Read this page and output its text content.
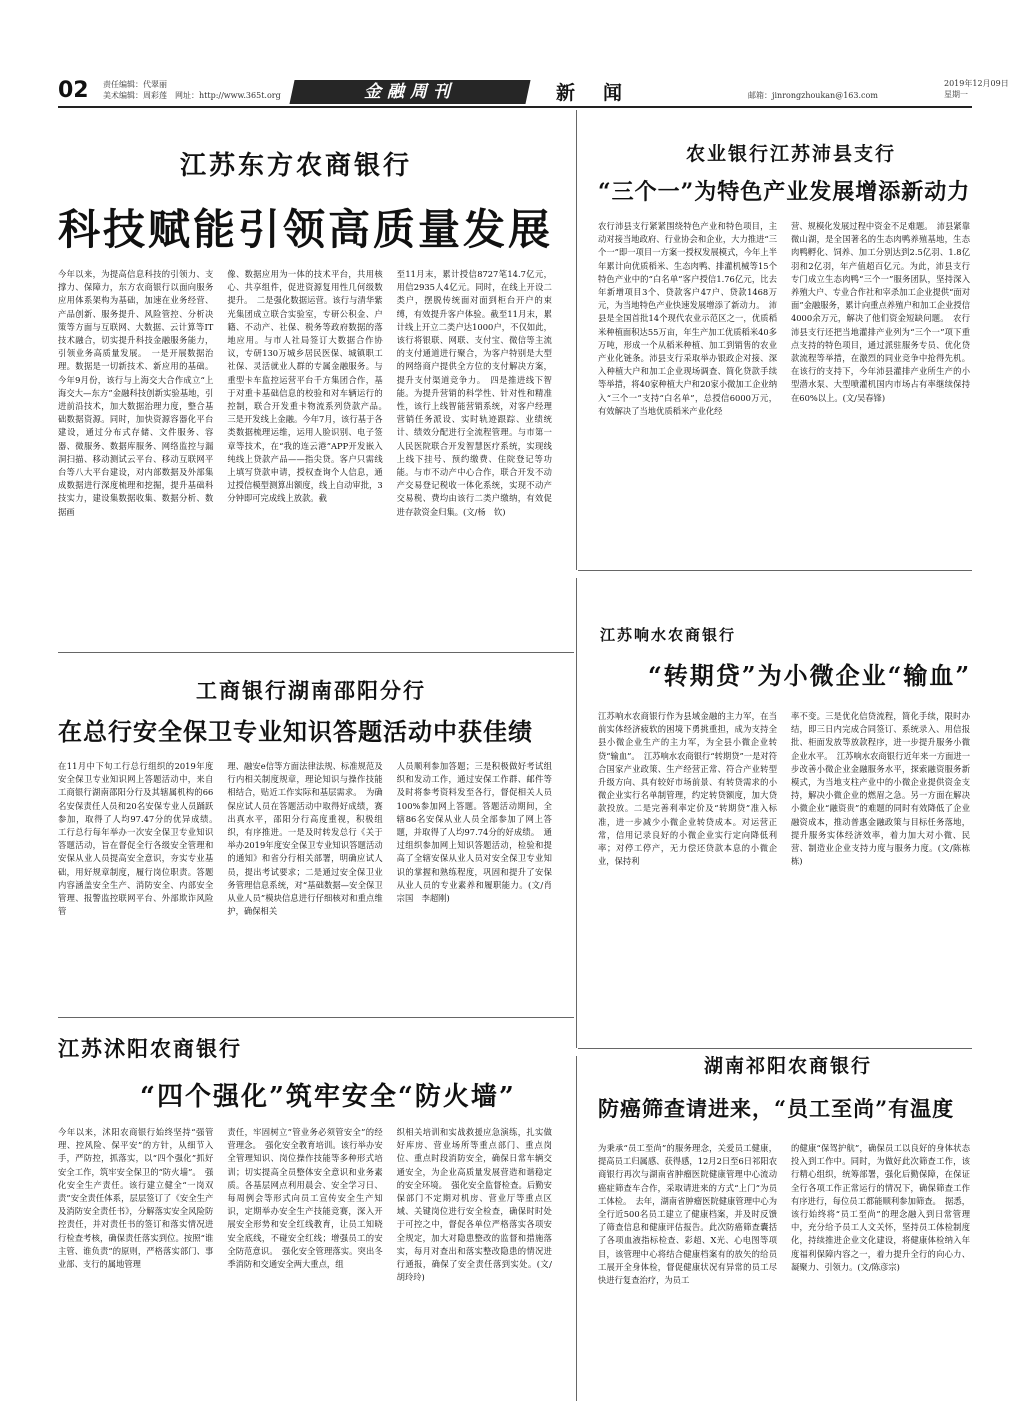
02 责任编辑：代翠丽
美术编辑：周彩莲 网址：http://www.365t.org	金融周刊	新闻	邮箱：jinrongzhoukan@163.com
2019年12月09日
星期一
江苏东方农商银行
科技赋能引领高质量发展

今年以来，为提高信息科技的引领力、支撑力、保障力，东方农商银行以面向服务应用体系架构为基础，加速在业务经营、产品创新、服务提升、风险管控、分析决策等方面与互联网、大数据、云计算等IT技术融合，切实提升科技金融服务能力，引领业务高质量发展。　一是开展数据治理。数据是一切新技术、新应用的基础。今年9月份，该行与上海交大合作成立“上海交大—东方”金融科技创新实验基地，引进前沿技术，加大数据治理力度，整合基础数据资源。同时，加快资源容器化平台建设，通过分布式存储、文件服务、容器、微服务、数据库服务、网络监控与漏洞扫描、移动测试云平台、移动互联网平台等八大平台建设，对内部数据及外部集成数据进行深度梳理和挖掘，提升基础科技实力，建设集数据收集、数据分析、数据画

像、数据应用为一体的技术平台，共用核心、共享组件，促进资源复用性几何级数提升。　二是强化数据运营。该行与清华紫光集团成立联合实验室，专研公积金、户籍、不动产、社保、税务等政府数据的落地应用。与市人社局签订大数据合作协议，专研130万城乡居民医保、城镇职工社保、灵活就业人群的专属金融服务。与重型卡车监控运营平台千方集团合作，基于对重卡基础信息的校验和对车辆运行的控制，联合开发重卡物流系列贷款产品。　三是开发线上金融。今年7月，该行基于各类数据梳理运维，运用人脸识别、电子签章等技术，在“我的连云港”APP开发嵌入纯线上贷款产品——指尖贷。客户只需线上填写贷款申请，授权查询个人信息，通过授信模型测算出额度，线上自动审批，3分钟即可完成线上放款。截

至11月末，累计授信8727笔14.7亿元，用信2935人4亿元。同时，在线上开设二类户，摆脱传统面对面到柜台开户的束缚，有效提升客户体验。截至11月末，累计线上开立二类户达1000户，不仅如此，该行将银联、网联、支付宝、微信等主流的支付通道进行聚合，为客户特别是大型的网络商户提供全方位的支付解决方案，提升支付渠道竞争力。　四是推进线下智能。为提升营销的科学性、针对性和精准性，该行上线智能营销系统，对客户经理营销任务派设、实时轨迹跟踪、业绩统计、绩效分配进行全流程管理。与市第一人民医院联合开发智慧医疗系统，实现线上线下挂号、预约缴费、住院登记等功能。与市不动产中心合作，联合开发不动产交易登记税收一体化系统，实现不动产交易税、费均由该行二类户缴纳，有效促进存款资金归集。(文/杨　钦)

农业银行江苏沛县支行
“三个一”为特色产业发展增添新动力

农行沛县支行紧紧围绕特色产业和特色项目，主动对接当地政府、行业协会和企业，大力推进“三个一”即一项目一方案一授权发展模式，今年上半年累计向优质稻米、生态肉鸭、排灌机械等15个特色产业中的“白名单”客户授信1.76亿元，比去年新增项目3个、贷款客户47户、贷款1468万元，为当地特色产业快速发展增添了新动力。　沛县是全国首批14个现代农业示范区之一，优质稻米种植面积达55万亩，年生产加工优质稻米40多万吨，形成一个从稻米种植、加工到销售的农业产业化链条。沛县支行采取举办银政企对接、深入种植大户和加工企业现场调查、简化贷款手续等举措，将40家种植大户和20家小微加工企业纳入“三个一”支持“白名单”，总授信6000万元，有效解决了当地优质稻米产业化经

营、规模化发展过程中资金不足难题。　沛县紧靠微山湖，是全国著名的生态肉鸭养殖基地，生态肉鸭孵化、饲养、加工分别达到2.5亿羽、1.8亿羽和2亿羽，年产值超百亿元。为此，沛县支行专门成立生态肉鸭“三个一”服务团队，坚持深入养殖大户、专业合作社和宰杀加工企业提供“面对面”金融服务，累计向重点养殖户和加工企业授信4000余万元，解决了他们资金短缺问题。　农行沛县支行还把当地灌排产业列为“三个一”项下重点支持的特色项目，通过派驻服务专员、优化贷款流程等举措，在激烈的同业竞争中抢得先机。在该行的支持下，今年沛县灌排产业所生产的小型潜水泵、大型喷灌机国内市场占有率继续保持在60%以上。(文/吴春锋)

工商银行湖南邵阳分行
在总行安全保卫专业知识答题活动中获佳绩

在11月中下旬工行总行组织的2019年度安全保卫专业知识网上答题活动中，来自工商银行湖南邵阳分行及其辖属机构的66名安保责任人员和20名安保专业人员踊跃参加，取得了人均97.47分的优异成绩。　工行总行每年举办一次安全保卫专业知识答题活动，旨在督促全行各级安全管理和安保从业人员提高安全意识，夯实专业基础，用好规章制度，履行岗位职责。答题内容涵盖安全生产、消防安全、内部安全管理、报警监控联网平台、外部欺诈风险管

理、融安e信等方面法律法规、标准规范及行内相关制度规章，理论知识与操作技能相结合，贴近工作实际和基层需求。　为确保应试人员在答题活动中取得好成绩，赛出真水平，邵阳分行高度重视，积极组织，有序推进。一是及时转发总行《关于举办2019年度安全保卫专业知识答题活动的通知》和省分行相关部署，明确应试人员，提出考试要求；二是通过安全保卫业务管理信息系统，对“基础数据—安全保卫从业人员”模块信息进行仔细核对和重点维护，确保相关

人员顺利参加答题；三是积极做好考试组织和发动工作，通过安保工作群、邮件等及时将参考资料发至各行，督促相关人员100%参加网上答题。答题活动期间，全辖86名安保从业人员全部参加了网上答题，并取得了人均97.74分的好成绩。　通过组织参加网上知识答题活动，检验和提高了全辖安保从业人员对安全保卫专业知识的掌握和熟练程度，巩固和提升了安保从业人员的专业素养和履职能力。(文/肖宗国　李超刚)

江苏响水农商银行
“转期贷”为小微企业“输血”

江苏响水农商银行作为县域金融的主力军，在当前实体经济疲软的困境下勇挑重担，成为支持全县小微企业生产的主力军，为全县小微企业转贷“输血”。　江苏响水农商银行“转期贷”一是对符合国家产业政策、生产经营正常、符合产业转型升级方向、具有较好市场前景、有转贷需求的小微企业实行名单制管理，约定转贷额度，加大贷款投放。二是完善利率定价及“转期贷”准入标准，进一步减少小微企业转贷成本。对运营正常，信用记录良好的小微企业实行定向降低利率；对停工停产，无力偿还贷款本息的小微企业，保持利

率不变。三是优化信贷流程，简化手续，限时办结，即三日内完成合同签订、系统录入、用信报批、柜面发放等放款程序，进一步提升服务小微企业水平。　江苏响水农商银行近年来一方面进一步改善小微企业金融服务水平，探索融资服务新模式，为当地支柱产业中的小微企业提供资金支持，解决小微企业的燃眉之急。另一方面在解决小微企业“融资贵”的难题的同时有效降低了企业融资成本，推动普惠金融政策与目标任务落地，提升服务实体经济效率，着力加大对小微、民营、制造业企业支持力度与服务力度。(文/陈栋栋)

江苏沭阳农商银行
“四个强化”筑牢安全“防火墙”

今年以来，沭阳农商银行始终坚持“强管理、控风险、保平安”的方针，从细节入手，严防控，抓落实，以“四个强化”抓好安全工作，筑牢安全保卫的“防火墙”。　强化安全生产责任。该行建立健全“一岗双责”安全责任体系，层层签订了《安全生产及消防安全责任书》，分解落实安全风险防控责任，并对责任书的签订和落实情况进行检查考核，确保责任落实到位。按照“谁主管、谁负责”的原则，严格落实部门、事业部、支行的属地管理

责任，牢固树立“管业务必须管安全”的经营理念。　强化安全教育培训。该行举办安全管理知识、岗位操作技能等多种形式培训；切实提高全员整体安全意识和业务素质。各基层网点利用晨会、安全学习日、每周例会等形式向员工宣传安全生产知识，定期举办安全生产技能竞赛，深入开展安全形势和安全红线教育，让员工知晓安全底线，不碰安全红线；增强员工的安全防范意识。　强化安全管理落实。突出冬季消防和交通安全两大重点，组

织相关培训和实战救援应急演练，扎实做好库房、营业场所等重点部门、重点岗位、重点时段消防安全，确保日常车辆交通安全，为企业高质量发展营造和谐稳定的安全环境。　强化安全监督检查。后勤安保部门不定期对机房、营业厅等重点区域、关键岗位进行安全检查，确保时时处于可控之中，督促各单位严格落实各项安全规定，加大对隐患整改的监督和措施落实，每月对查出和落实整改隐患的情况进行通报，确保了安全责任落到实处。(文/胡玲玲)

湖南祁阳农商银行
防癌筛查请进来，“员工至尚”有温度

为秉承“员工至尚”的服务理念，关爱员工健康，提高员工归属感、获得感，12月2日至6日祁阳农商银行再次与湖南省肿瘤医院健康管理中心流动癌症筛查车合作，采取请进来的方式“上门”为员工体检。　去年，湖南省肿瘤医院健康管理中心为全行近500名员工建立了健康档案，并及时反馈了筛查信息和健康评估报告。此次防癌筛查囊括了各项血液指标检查、彩超、X光、心电图等项目，该管理中心将结合健康档案有的放矢的给员工展开全身体检，督促健康状况有异常的员工尽快进行复查治疗，为员工

的健康“保驾护航”，确保员工以良好的身体状态投入到工作中。同时，为做好此次筛查工作，该行精心组织，统筹部署，强化后勤保障，在保证全行各项工作正常运行的情况下，确保筛查工作有序进行，每位员工都能顺利参加筛查。　据悉，该行始终将“员工至尚”的理念融入到日常管理中，充分给予员工人文关怀，坚持员工体检制度化，持续推进企业文化建设，将健康体检纳入年度福利保障内容之一，着力提升全行的向心力、凝聚力、引领力。(文/陈彦宗)
